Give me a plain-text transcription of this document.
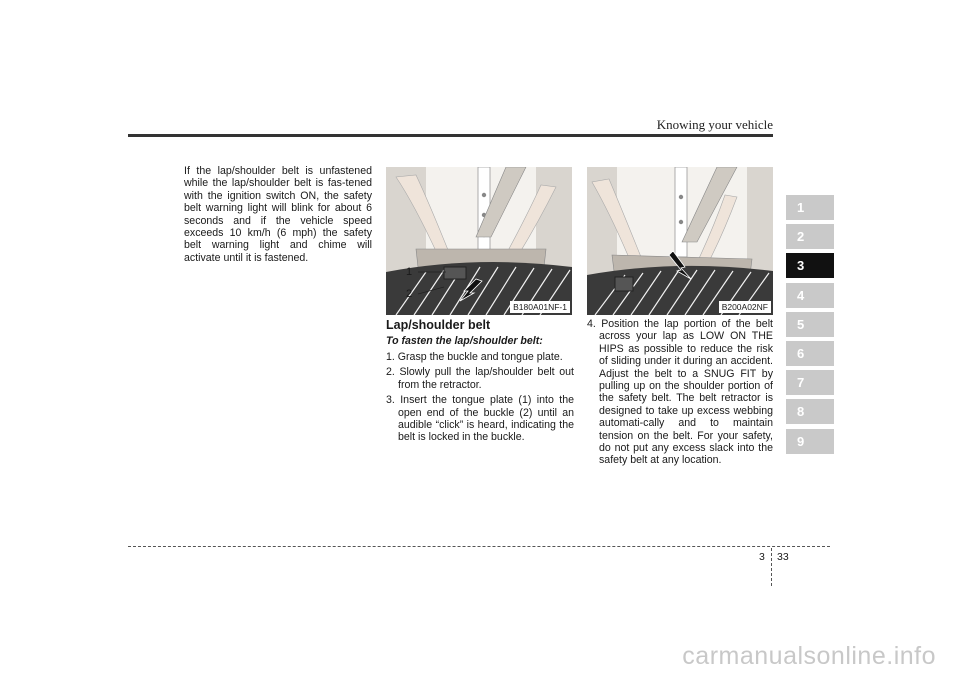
Knowing your vehicle
If the lap/shoulder belt is unfastened while the lap/shoulder belt is fas-tened with the ignition switch ON, the safety belt warning light will blink for about 6 seconds and if the vehicle speed exceeds 10 km/h (6 mph) the safety belt warning light and chime will activate until it is fastened.
1
2
B180A01NF-1	B200A02NF
Lap/shoulder belt
To fasten the lap/shoulder belt:
1. Grasp the buckle and tongue plate.
2. Slowly pull the lap/shoulder belt out from the retractor.
3. Insert the tongue plate (1) into the open end of the buckle (2) until an audible “click” is heard, indicating the belt is locked in the buckle.
4. Position the lap portion of the belt across your lap as LOW ON THE HIPS as possible to reduce the risk of sliding under it during an accident. Adjust the belt to a SNUG FIT by pulling up on the shoulder portion of the safety belt. The belt retractor is designed to take up excess webbing automati-cally and to maintain tension on the belt. For your safety, do not put any excess slack into the safety belt at any location.
1
2
3
4
5
6
7
8
9
3 33
carmanualsonline.info
